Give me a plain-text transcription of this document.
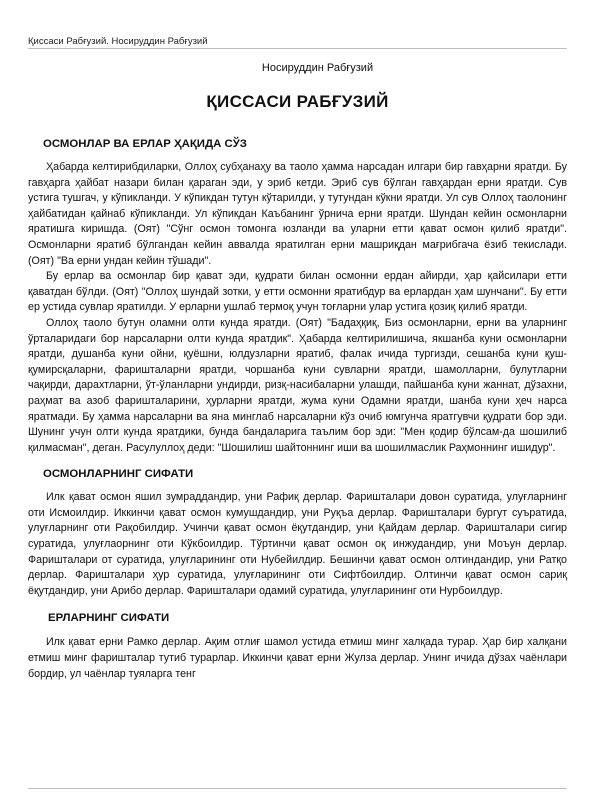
Қиссаси Рабғузий. Носируддин Рабғузий
Носируддин Рабғузий
ҚИССАСИ РАБҒУЗИЙ
ОСМОНЛАР ВА ЕРЛАР ҲАҚИДА СЎЗ

Ҳабарда келтирибдиларки, Оллоҳ субҳанаҳу ва таоло ҳамма нарсадан илгари бир гавҳарни яратди. Бу гавҳарга ҳайбат назари билан қараган эди, у эриб кетди. Эриб сув бўлган гавҳардан ерни яратди. Сув устига тушгач, у кўпикланди. У кўпикдан тутун кўтарилди, у тутундан кўкни яратди. Ул сув Оллоҳ таолонинг ҳайбатидан қайнаб кўпикланди. Ул кўпикдан Каъбанинг ўрнича ерни яратди. Шундан кейин осмонларни яратишга киришда. (Оят) "Сўнг осмон томонга юзланди ва уларни етти қават осмон қилиб яратди". Осмонларни яратиб бўлгандан кейин аввалда яратилган ерни машриқдан мағрибгача ёзиб текислади. (Оят) "Ва ерни ундан кейин тўшади".

Бу ерлар ва осмонлар бир қават эди, қудрати билан осмонни ердан айирди, ҳар қайсилари етти қаватдан бўлди. (Оят) "Оллоҳ шундай зотки, у етти осмонни яратибдур ва ерлардан ҳам шунчани". Бу етти ер устида сувлар яратилди. У ерларни ушлаб термоқ учун тоғларни улар устига қозиқ қилиб яратди.

Оллоҳ таоло бутун оламни олти кунда яратди. (Оят) "Бадаҳқиқ, Биз осмонларни, ерни ва уларнинг ўрталаридаги бор нарсаларни олти кунда яратдик". Ҳабарда келтирилишича, якшанба куни осмонларни яратди, душанба куни ойни, қуёшни, юлдузларни яратиб, фалак ичида тургизди, сешанба куни қуш-қумирсқаларни, фаришталарни яратди, чоршанба куни сувларни яратди, шамолларни, булутларни чақирди, дарахтларни, ўт-ўланларни ундирди, ризқ-насибаларни улашди, пайшанба куни жаннат, дўзахни, раҳмат ва азоб фаришталарини, ҳурларни яратди, жума куни Одамни яратди, шанба куни ҳеч нарса яратмади. Бу ҳамма нарсаларни ва яна минглаб нарсаларни кўз очиб юмгунча яратгувчи қудрати бор эди. Шунинг учун олти кунда яратдики, бунда бандаларига таълим бор эди: "Мен қодир бўлсам-да шошилиб қилмасман", деган. Расулуллоҳ деди: "Шошилиш шайтоннинг иши ва шошилмаслик Раҳмоннинг ишидур".

ОСМОНЛАРНИНГ СИФАТИ

Илк қават осмон яшил зумраддандир, уни Рафиқ дерлар. Фаришталари довон суратида, улуғларнинг оти Исмоилдир. Иккинчи қават осмон кумушдандир, уни Руқъа дерлар. Фаришталари бургут суъратида, улуғларнинг оти Рақобилдир. Учинчи қават осмон ёқутдандир, уни Қайдам дерлар. Фаришталари сигир суратида, улуғлаорнинг оти Кўкбоилдир. Тўртинчи қават осмон оқ инжудандир, уни Моъун дерлар. Фаришталари от суратида, улуғларининг оти Нубейилдир. Бешинчи қават осмон олтиндандир, уни Ратқо дерлар. Фаришталари ҳур суратида, улуғларининг оти Сифтбоилдир. Олтинчи қават осмон сариқ ёқутдандир, уни Арибо дерлар. Фаришталари одамий суратида, улуғларининг оти Нурбоилдур.

ЕРЛАРНИНГ СИФАТИ

Илк қават ерни Рамко дерлар. Ақим отлиғ шамол устида етмиш минг халқада турар. Ҳар бир халқани етмиш минг фаришталар тутиб турарлар. Иккинчи қават ерни Жулза дерлар. Унинг ичида дўзах чаёнлари бордир, ул чаёнлар туяларга тенг
